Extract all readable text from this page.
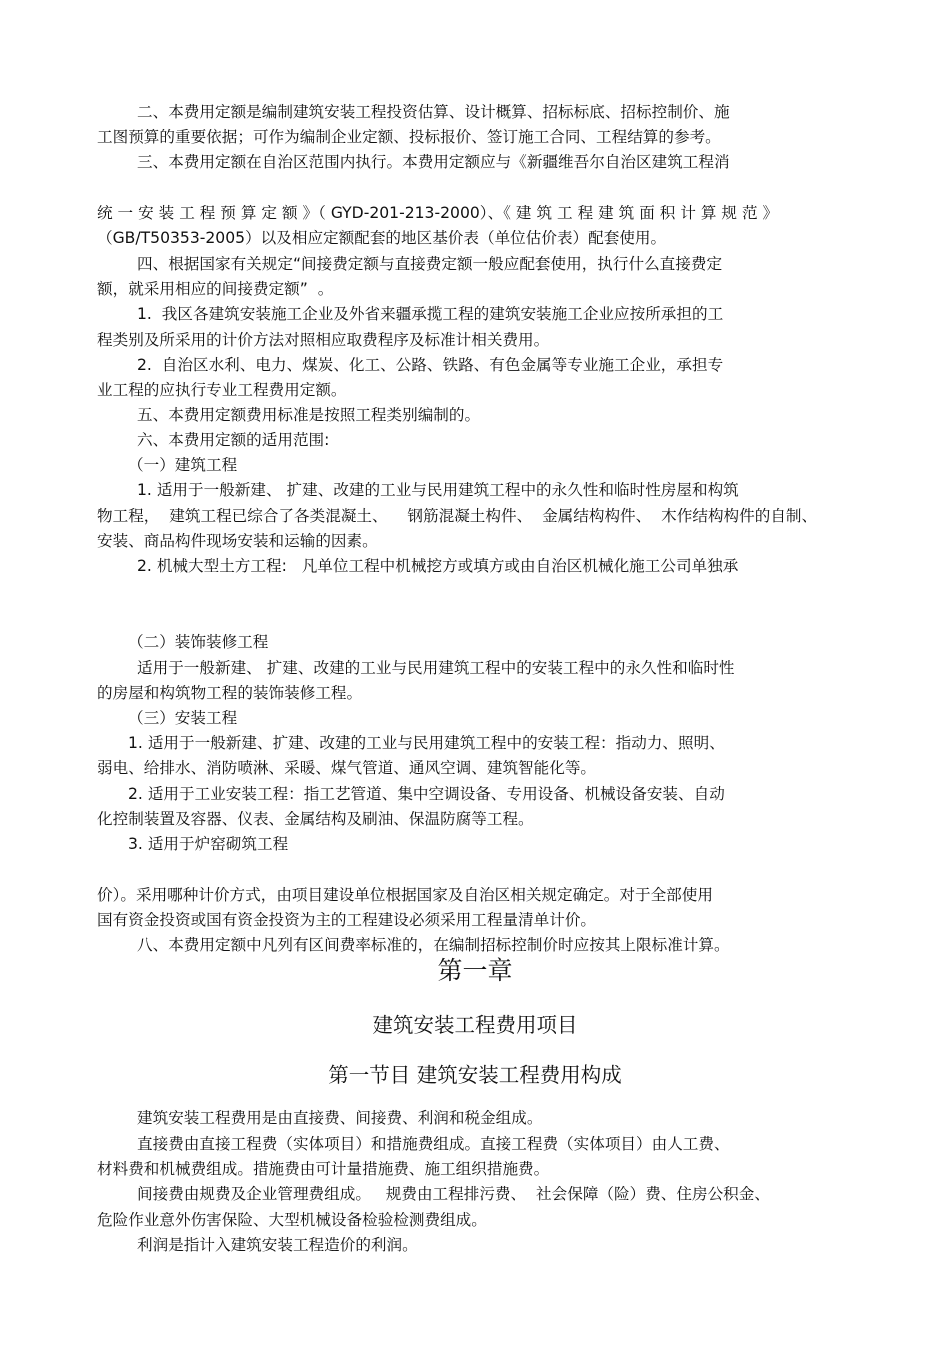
二、本费用定额是编制建筑安装工程投资估算、设计概算、招标标底、招标控制价、施
工图预算的重要依据；可作为编制企业定额、投标报价、签订施工合同、工程结算的参考。
三、本费用定额在自治区范围内执行。本费用定额应与《新疆维吾尔自治区建筑工程消

统 一 安 装 工 程 预 算 定 额 》（ GYD-201-213-2000）、《 建 筑 工 程 建 筑 面 积 计 算 规 范 》
（GB/T50353-2005）以及相应定额配套的地区基价表（单位估价表）配套使用。
四、根据国家有关规定“间接费定额与直接费定额一般应配套使用，执行什么直接费定
额，就采用相应的间接费定额”  。
1.  我区各建筑安装施工企业及外省来疆承揽工程的建筑安装施工企业应按所承担的工
程类别及所采用的计价方法对照相应取费程序及标准计相关费用。
2.  自治区水利、电力、煤炭、化工、公路、铁路、有色金属等专业施工企业，承担专
业工程的应执行专业工程费用定额。
五、本费用定额费用标准是按照工程类别编制的。
六、本费用定额的适用范围:
（一）建筑工程
1. 适用于一般新建、 扩建、改建的工业与民用建筑工程中的永久性和临时性房屋和构筑
物工程，  建筑工程已综合了各类混凝土、    钢筋混凝土构件、  金属结构构件、  木作结构构件的自制、
安装、商品构件现场安装和运输的因素。
2. 机械大型土方工程:   凡单位工程中机械挖方或填方或由自治区机械化施工公司单独承

（二）装饰装修工程
适用于一般新建、 扩建、改建的工业与民用建筑工程中的安装工程中的永久性和临时性
的房屋和构筑物工程的装饰装修工程。
（三）安装工程
1. 适用于一般新建、扩建、改建的工业与民用建筑工程中的安装工程：指动力、照明、
弱电、给排水、消防喷淋、采暖、煤气管道、通风空调、建筑智能化等。
2. 适用于工业安装工程：指工艺管道、集中空调设备、专用设备、机械设备安装、自动
化控制装置及容器、仪表、金属结构及刷油、保温防腐等工程。
3. 适用于炉窑砌筑工程

价）。采用哪种计价方式，由项目建设单位根据国家及自治区相关规定确定。对于全部使用
国有资金投资或国有资金投资为主的工程建设必须采用工程量清单计价。
八、本费用定额中凡列有区间费率标准的，在编制招标控制价时应按其上限标准计算。
第一章
建筑安装工程费用项目
第一节目 建筑安装工程费用构成
建筑安装工程费用是由直接费、间接费、利润和税金组成。
直接费由直接工程费（实体项目）和措施费组成。直接工程费（实体项目）由人工费、
材料费和机械费组成。措施费由可计量措施费、施工组织措施费。
间接费由规费及企业管理费组成。   规费由工程排污费、  社会保障（险）费、住房公积金、
危险作业意外伤害保险、大型机械设备检验检测费组成。
利润是指计入建筑安装工程造价的利润。
